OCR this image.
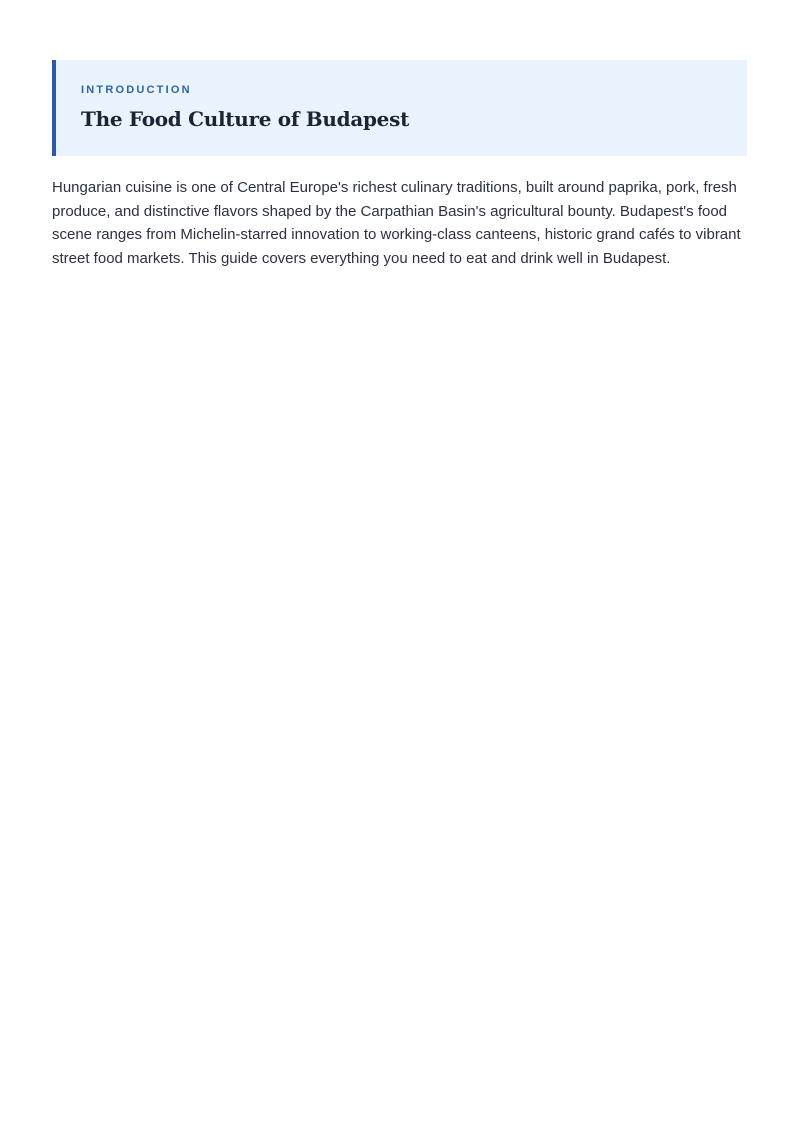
INTRODUCTION

The Food Culture of Budapest

Hungarian cuisine is one of Central Europe's richest culinary traditions, built around paprika, pork, fresh produce, and distinctive flavors shaped by the Carpathian Basin's agricultural bounty. Budapest's food scene ranges from Michelin-starred innovation to working-class canteens, historic grand cafés to vibrant street food markets. This guide covers everything you need to eat and drink well in Budapest.
